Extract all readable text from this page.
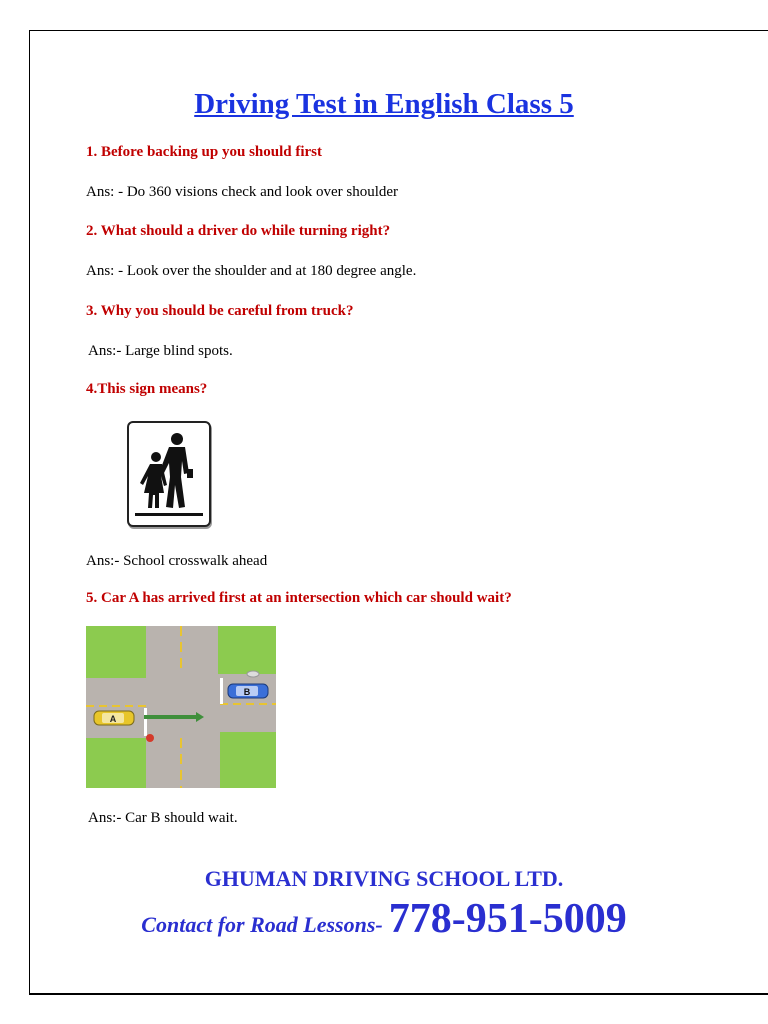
Driving Test in English Class 5
1. Before backing up you should first
Ans: - Do 360 visions check and look over shoulder
2. What should a driver do while turning right?
Ans: - Look over the shoulder and at 180 degree angle.
3. Why you should be careful from truck?
Ans:- Large blind spots.
4.This sign means?
Ans:- School crosswalk ahead
5. Car A has arrived first at an intersection which car should wait?
A
B
Ans:- Car B should wait.
GHUMAN DRIVING SCHOOL LTD.
Contact for Road Lessons- 778-951-5009
